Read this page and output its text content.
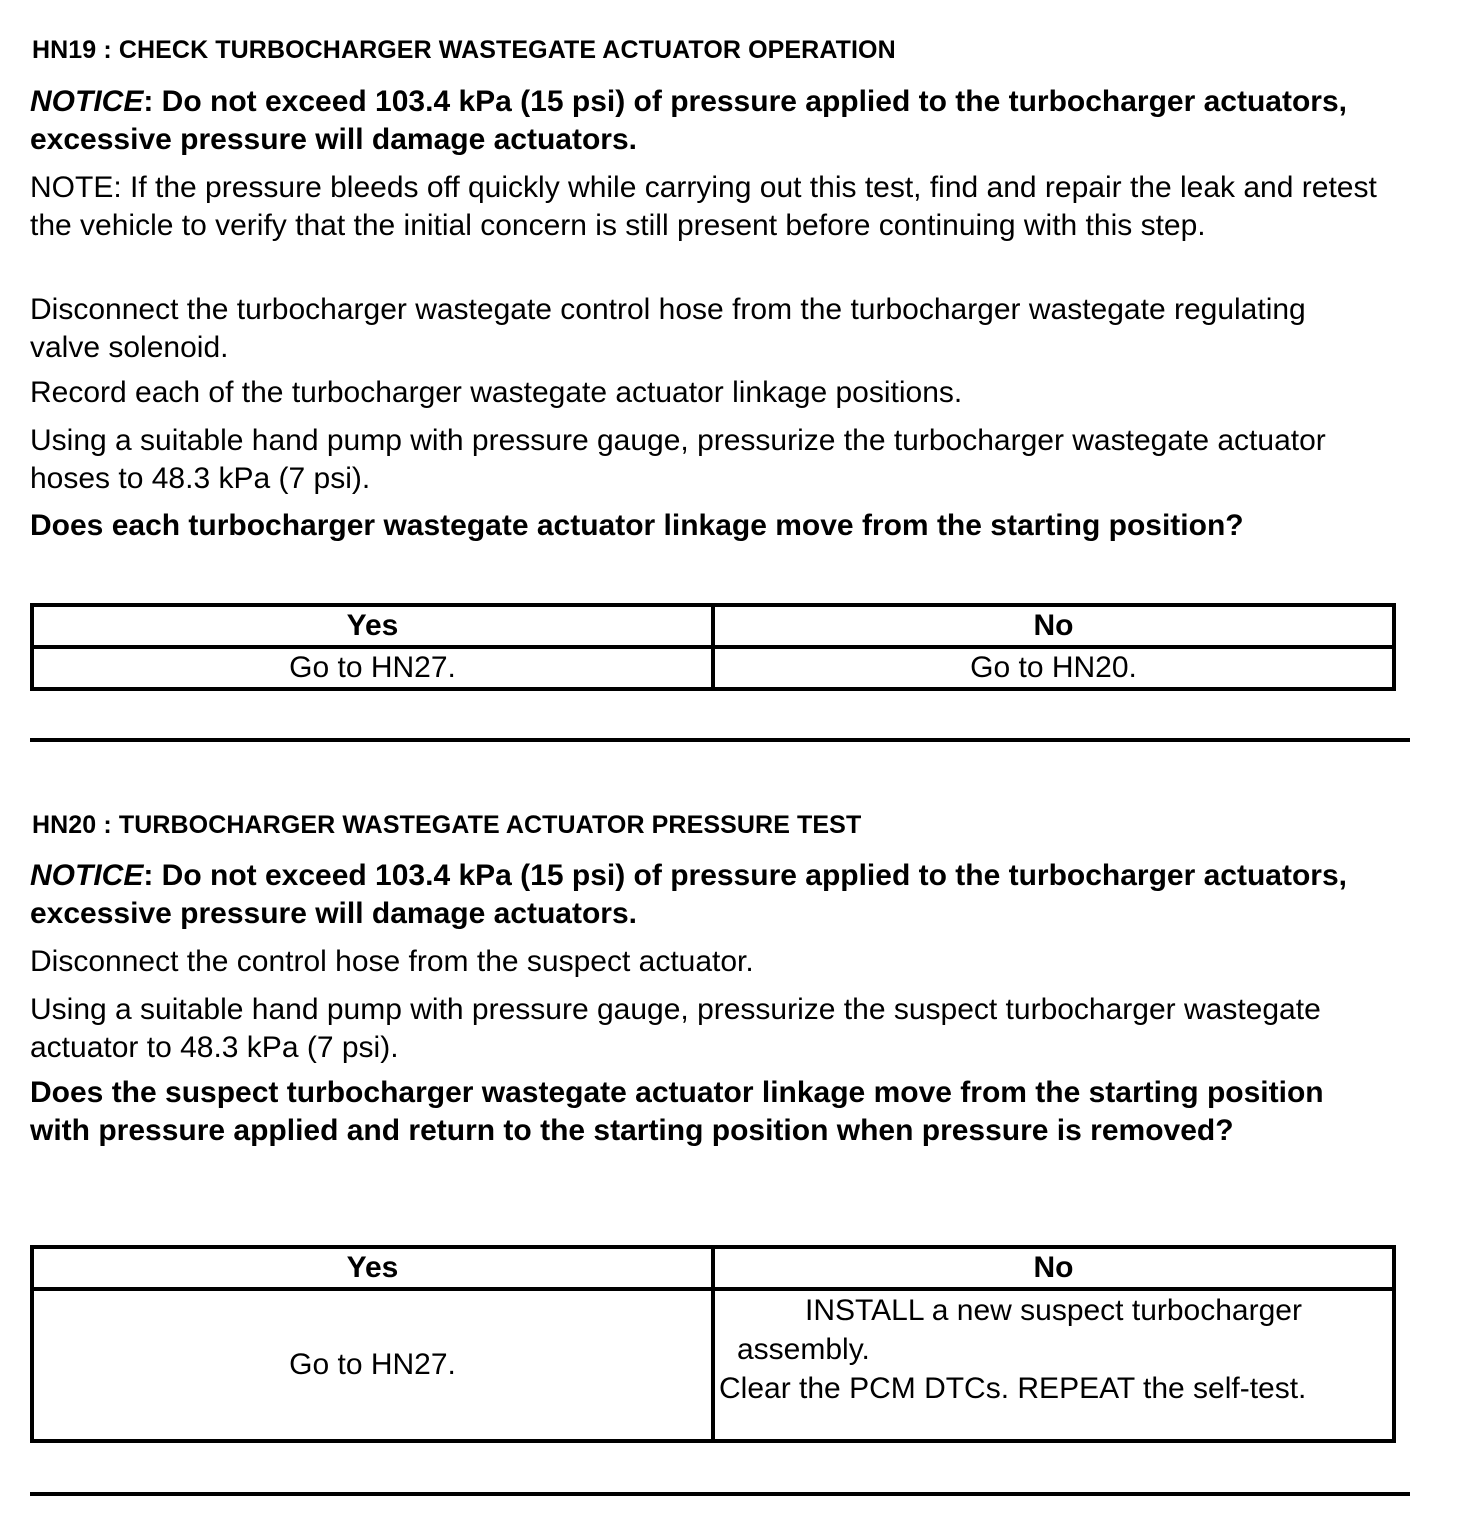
HN19 : CHECK TURBOCHARGER WASTEGATE ACTUATOR OPERATION

NOTICE: Do not exceed 103.4 kPa (15 psi) of pressure applied to the turbocharger actuators, excessive pressure will damage actuators.

NOTE: If the pressure bleeds off quickly while carrying out this test, find and repair the leak and retest the vehicle to verify that the initial concern is still present before continuing with this step.

Disconnect the turbocharger wastegate control hose from the turbocharger wastegate regulating valve solenoid.

Record each of the turbocharger wastegate actuator linkage positions.

Using a suitable hand pump with pressure gauge, pressurize the turbocharger wastegate actuator hoses to 48.3 kPa (7 psi).

Does each turbocharger wastegate actuator linkage move from the starting position?

Yes	No
Go to HN27.	Go to HN20.
HN20 : TURBOCHARGER WASTEGATE ACTUATOR PRESSURE TEST

NOTICE: Do not exceed 103.4 kPa (15 psi) of pressure applied to the turbocharger actuators, excessive pressure will damage actuators.

Disconnect the control hose from the suspect actuator.

Using a suitable hand pump with pressure gauge, pressurize the suspect turbocharger wastegate actuator to 48.3 kPa (7 psi).

Does the suspect turbocharger wastegate actuator linkage move from the starting position with pressure applied and return to the starting position when pressure is removed?

Yes	No
Go to HN27.	INSTALL a new suspect turbocharger
assembly.
Clear the PCM DTCs. REPEAT the self-test.
